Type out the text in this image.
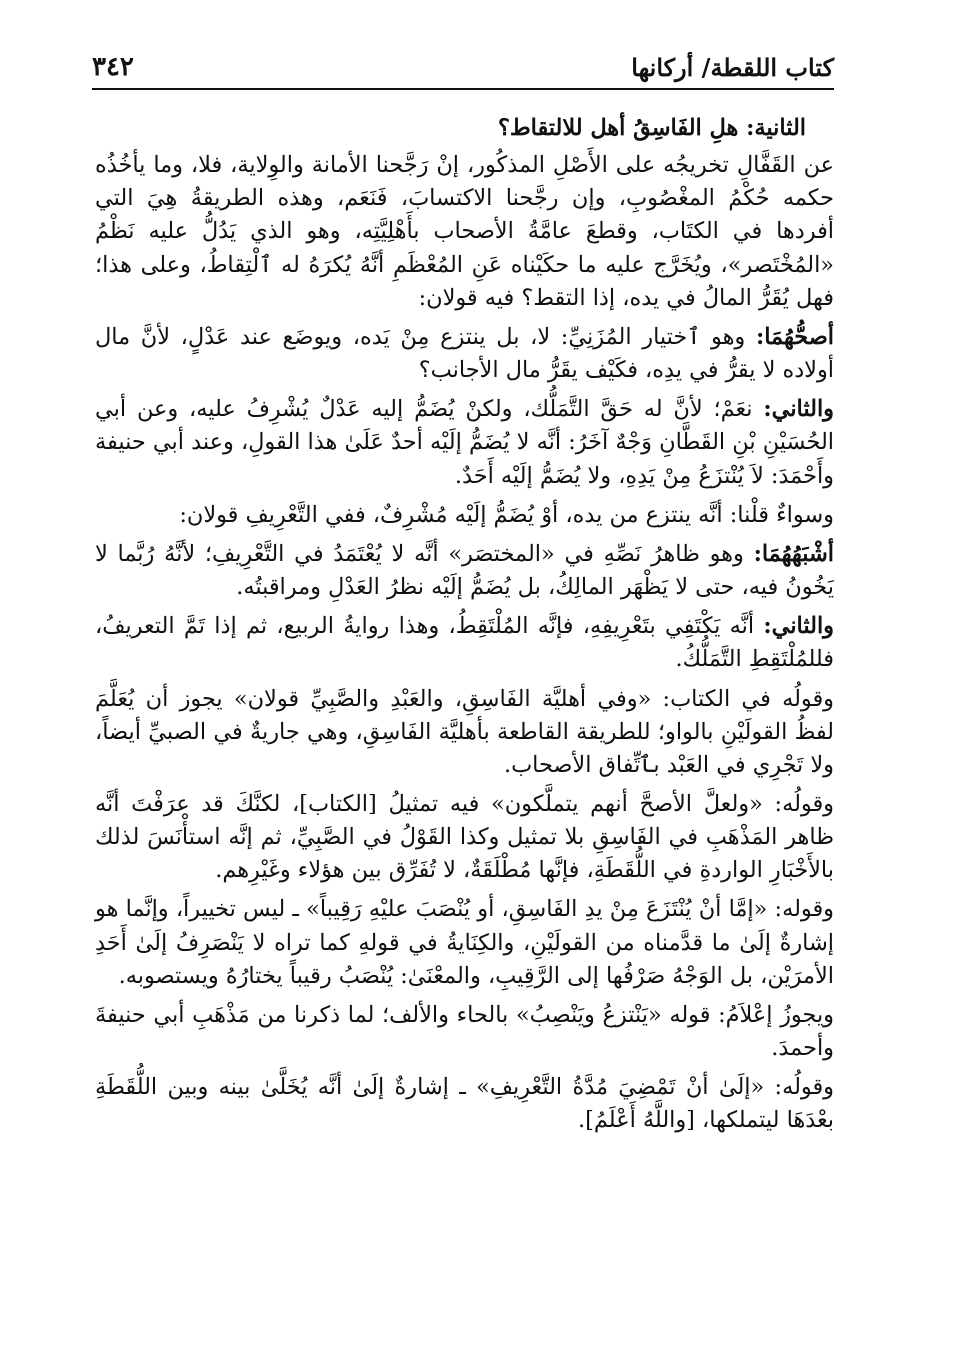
كتاب اللقطة/ أركانها
٣٤٢

الثانية: هلِ الفَاسِقُ أهل للالتقاط؟

عن القَفَّالِ تخريجُه على الأَصْلِ المذكُور، إنْ رَجَّحنا الأمانة والوِلاية، فلا، وما يأخُذُه حكمه حُكْمُ المغْصُوبِ، وإن رجَّحنا الاكتسابَ، فَنَعَم، وهذه الطريقةُ هِيَ التي أفردها في الكتَاب، وقطعَ عامَّةُ الأصحاب بأَهْلِيَّتِه، وهو الذي يَدُلُّ عليه نَظْمُ «المُخْتَصر»، ويُخَرَّج عليه ما حكَيْناه عَنِ المُعْظَمِ أنَّهُ يُكرَهُ له ٱلْتِقاطُ، وعلى هذا؛ فهل يُقَرُّ المالُ في يده، إذا التقط؟ فيه قولان:

أصحُّهُمَا: وهو ٱختيار المُزَنِيِّ: لا، بل ينتزع مِنْ يَده، ويوضَع عند عَدْلٍ، لأنَّ مال أولاده لا يقرُّ في يدِه، فكَيْف يقَرُّ مال الأجانب؟

والثاني: نعَمْ؛ لأنَّ له حَقَّ التَّمَلُّك، ولكنْ يُضَمُّ إليه عَدْلٌ يُشْرِفُ عليه، وعن أبي الحُسَيْنِ بْنِ القَطَّانِ وَجْهٌ آخَرُ: أنَّه لا يُضَمُّ إلَيْه أحدٌ عَلَىٰ هذا القولِ، وعند أبي حنيفة وأَحْمَدَ: لاَ يُنْتزَعُ مِنْ يَدِهِ، ولا يُضَمُّ إلَيْه أَحَدٌ.

وسواءٌ قلْنا: أنَّه ينتزع من يده، أوْ يُضَمُّ إلَيْه مُشْرِفٌ، ففي التَّعْرِيفِ قولان:

أشْبَهُهُمَا: وهو ظاهرُ نَصِّهِ في «المختصَر» أنَّه لا يُعْتَمَدُ في التَّعْرِيفِ؛ لأنَّهُ رُبَّما لا يَخُونُ فيه، حتى لا يَظْهَر المالِكُ، بل يُضَمُّ إلَيْه نظرُ العَدْلِ ومراقبتُه.

والثاني: أنَّه يَكْتَفِي بتَعْرِيفِهِ، فإنَّه المُلْتَقِطُ، وهذا روايةُ الربيع، ثم إذا تَمَّ التعريفُ، فللمُلْتَقِطِ التَّمَلُّكُ.

وقولُه في الكتاب: «وفي أهليَّة الفَاسِقِ، والعَبْدِ والصَّبِيِّ قولان» يجوز أن يُعَلَّمَ لفظُ القولَيْنِ بالواو؛ للطريقة القاطعة بأهليَّة الفَاسِقِ، وهي جاريةٌ في الصبيِّ أيضاً، ولا تَجْرِي في العَبْد بٱتِّفاق الأصحاب.

وقولُه: «ولعلَّ الأصحَّ أنهم يتملَّكون» فيه تمثيلُ [الكتاب]، لكنَّكَ قد عرَفْتَ أنَّه ظاهر المَذْهَبِ في الفَاسِقِ بلا تمثيل وكذا القَوْلُ في الصَّبِيِّ، ثم إنَّه استأْنَسَ لذلك بالأَخْبَارِ الواردةِ في اللُّقَطَةِ، فإنَّها مُطْلَقَةٌ، لا تُفَرِّق بين هؤلاء وغَيْرِهم.

وقوله: «إمَّا أنْ يُنْتَزَعَ مِنْ يدِ الفَاسِقِ، أو يُنْصَبَ عليْهِ رَقِيباً» ـ ليس تخييراً، وإنَّما هو إشارةٌ إلَىٰ ما قدَّمناه من القولَيْنِ، والكِنَايةُ في قولهِ كما تراه لا يَنْصَرِفُ إلَىٰ أَحَدِ الأمرَيْن، بل الوَجْهُ صَرْفُها إلى الرَّقِيبِ، والمعْنَىٰ: يُنْصَبُ رقيباً يختارُهُ ويستصوبه.

ويجوزُ إعْلاَمُ: قوله «يَنْتزعُ ويَنْصِبُ» بالحاء والألف؛ لما ذكرنا من مَذْهَبِ أبي حنيفةَ وأحمدَ.

وقولُه: «إلَىٰ أنْ تَمْضِيَ مُدَّةُ التَّعْرِيفِ» ـ إشارةٌ إلَىٰ أنَّه يُخَلَّىٰ بينه وبين اللُّقَطَةِ بعْدَهَا ليتملكها، [واللَّهُ أَعْلَمُ].
